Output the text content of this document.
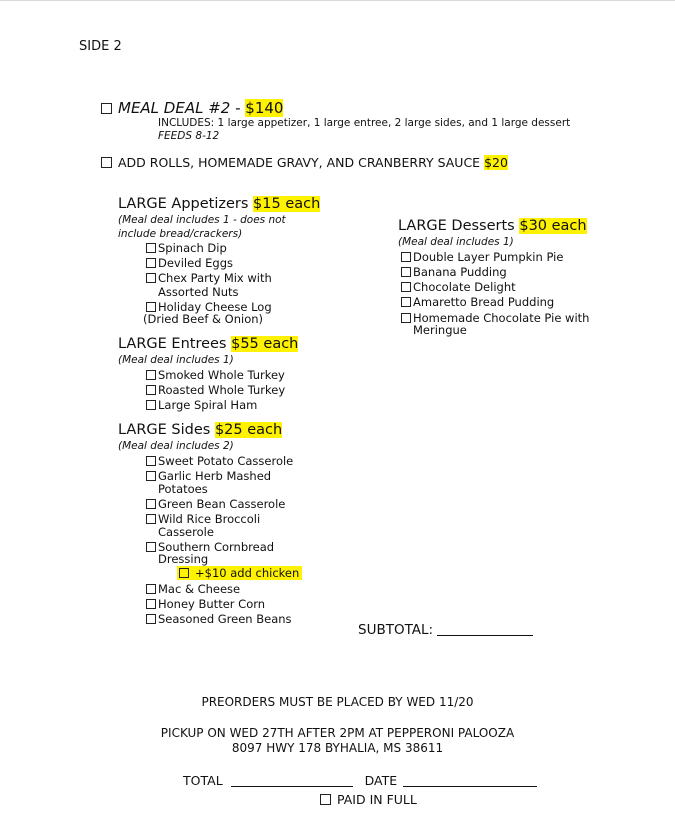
SIDE 2
MEAL DEAL #2 - $140
INCLUDES: 1 large appetizer, 1 large entree, 2 large sides, and 1 large dessert
FEEDS 8-12
ADD ROLLS, HOMEMADE GRAVY, AND CRANBERRY SAUCE $20
LARGE Appetizers $15 each
(Meal deal includes 1 - does not
include bread/crackers)
Spinach Dip
Deviled Eggs
Chex Party Mix with
Assorted Nuts
Holiday Cheese Log
(Dried Beef & Onion)
LARGE Entrees $55 each
(Meal deal includes 1)
Smoked Whole Turkey
Roasted Whole Turkey
Large Spiral Ham
LARGE Sides $25 each
(Meal deal includes 2)
Sweet Potato Casserole
Garlic Herb Mashed
Potatoes
Green Bean Casserole
Wild Rice Broccoli
Casserole
Southern Cornbread
Dressing
+$10 add chicken
Mac & Cheese
Honey Butter Corn
Seasoned Green Beans
LARGE Desserts $30 each
(Meal deal includes 1)
Double Layer Pumpkin Pie
Banana Pudding
Chocolate Delight
Amaretto Bread Pudding
Homemade Chocolate Pie with
Meringue
SUBTOTAL:
PREORDERS MUST BE PLACED BY WED 11/20
PICKUP ON WED 27TH AFTER 2PM AT PEPPERONI PALOOZA
8097 HWY 178 BYHALIA, MS 38611
TOTAL	DATE
PAID IN FULL
